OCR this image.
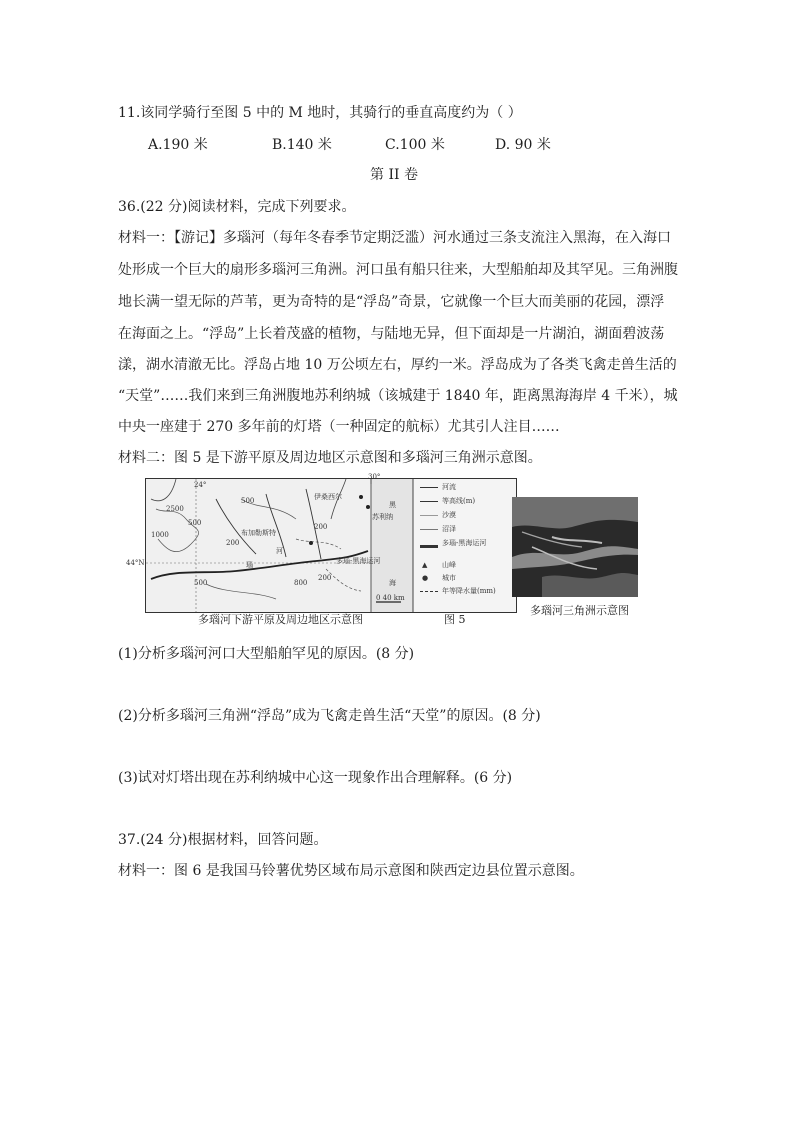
11.该同学骑行至图 5 中的 M 地时，其骑行的垂直高度约为（ ）
A.190 米	B.140 米	C.100 米	D. 90 米
第 II 卷
36.(22 分)阅读材料，完成下列要求。
材料一：【游记】多瑙河（每年冬春季节定期泛滥）河水通过三条支流注入黑海，在入海口
处形成一个巨大的扇形多瑙河三角洲。河口虽有船只往来，大型船舶却及其罕见。三角洲腹
地长满一望无际的芦苇，更为奇特的是“浮岛”奇景，它就像一个巨大而美丽的花园，漂浮
在海面之上。“浮岛”上长着茂盛的植物，与陆地无异，但下面却是一片湖泊，湖面碧波荡
漾，湖水清澈无比。浮岛占地 10 万公顷左右，厚约一米。浮岛成为了各类飞禽走兽生活的
“天堂”……我们来到三角洲腹地苏利纳城（该城建于 1840 年，距离黑海海岸 4 千米），城
中央一座建于 270 多年前的灯塔（一种固定的航标）尤其引人注目……
材料二：图 5 是下游平原及周边地区示意图和多瑙河三角洲示意图。
24°
30°
44°N
2500
500
200
1000
500
200
800
500
200
伊桑西尔
布加勒斯特
苏利纳
黑
海
河
瑙	多瑙-黑海运河
0 40 km
河流
等高线(m)
沙漠
沼泽
多瑙-黑海运河
▲ 山峰
● 城市
年等降水量(mm)
多瑙河下游平原及周边地区示意图	图 5
多瑙河三角洲示意图
(1)分析多瑙河河口大型船舶罕见的原因。(8 分)
(2)分析多瑙河三角洲“浮岛”成为飞禽走兽生活“天堂”的原因。(8 分)
(3)试对灯塔出现在苏利纳城中心这一现象作出合理解释。(6 分)
37.(24 分)根据材料，回答问题。
材料一：图 6 是我国马铃薯优势区域布局示意图和陕西定边县位置示意图。
